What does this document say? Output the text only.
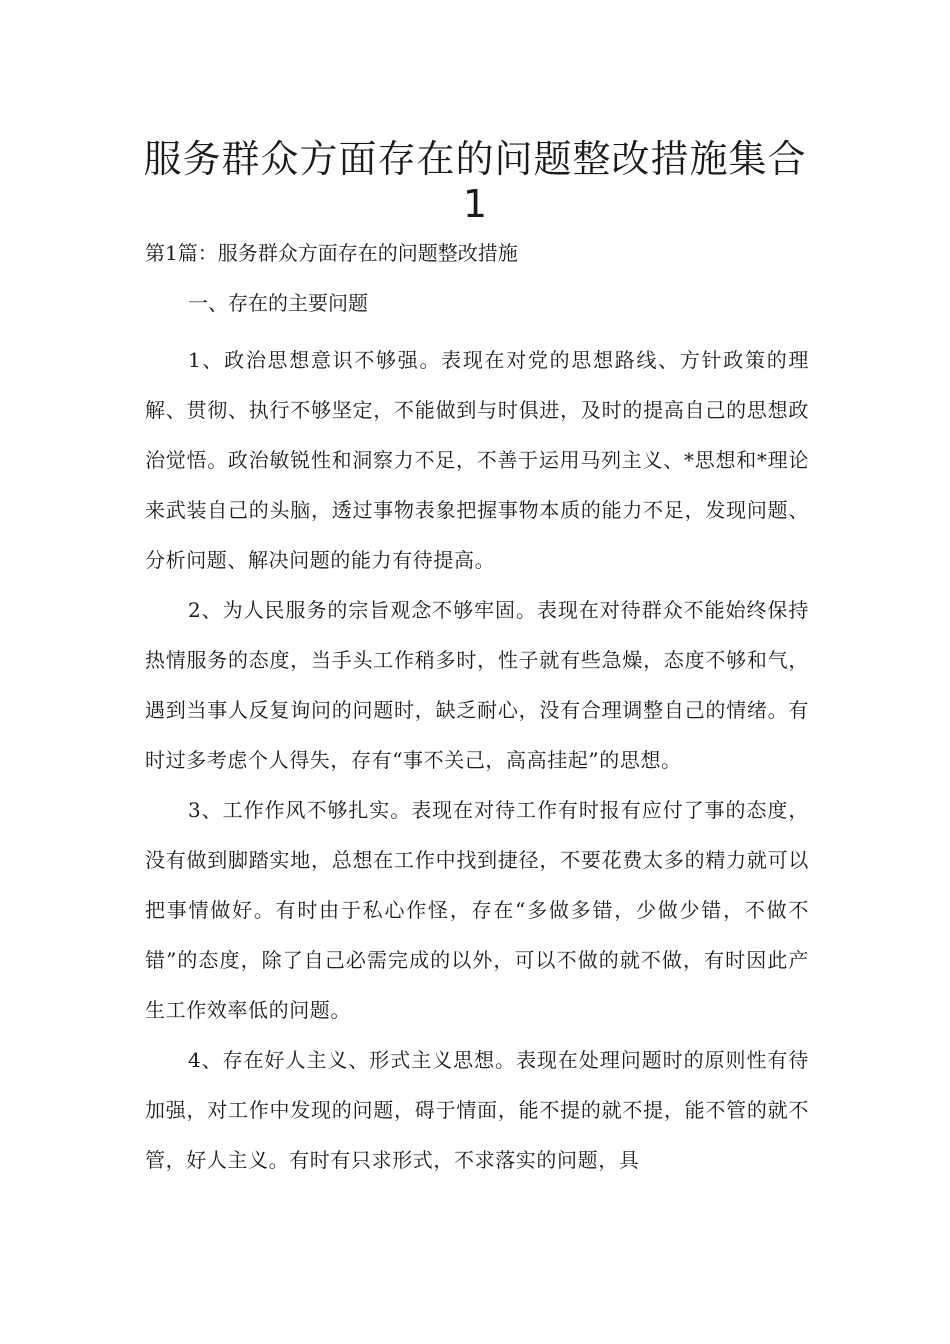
服务群众方面存在的问题整改措施集合
1
第1篇：服务群众方面存在的问题整改措施
一、存在的主要问题

1、政治思想意识不够强。表现在对党的思想路线、方针政策的理解、贯彻、执行不够坚定，不能做到与时俱进，及时的提高自己的思想政治觉悟。政治敏锐性和洞察力不足，不善于运用马列主义、*思想和*理论来武装自己的头脑，透过事物表象把握事物本质的能力不足，发现问题、分析问题、解决问题的能力有待提高。

2、为人民服务的宗旨观念不够牢固。表现在对待群众不能始终保持热情服务的态度，当手头工作稍多时，性子就有些急燥，态度不够和气，遇到当事人反复询问的问题时，缺乏耐心，没有合理调整自己的情绪。有时过多考虑个人得失，存有“事不关己，高高挂起”的思想。

3、工作作风不够扎实。表现在对待工作有时报有应付了事的态度，没有做到脚踏实地，总想在工作中找到捷径，不要花费太多的精力就可以把事情做好。有时由于私心作怪，存在“多做多错，少做少错，不做不错”的态度，除了自己必需完成的以外，可以不做的就不做，有时因此产生工作效率低的问题。

4、存在好人主义、形式主义思想。表现在处理问题时的原则性有待加强，对工作中发现的问题，碍于情面，能不提的就不提，能不管的就不管，好人主义。有时有只求形式，不求落实的问题，具
